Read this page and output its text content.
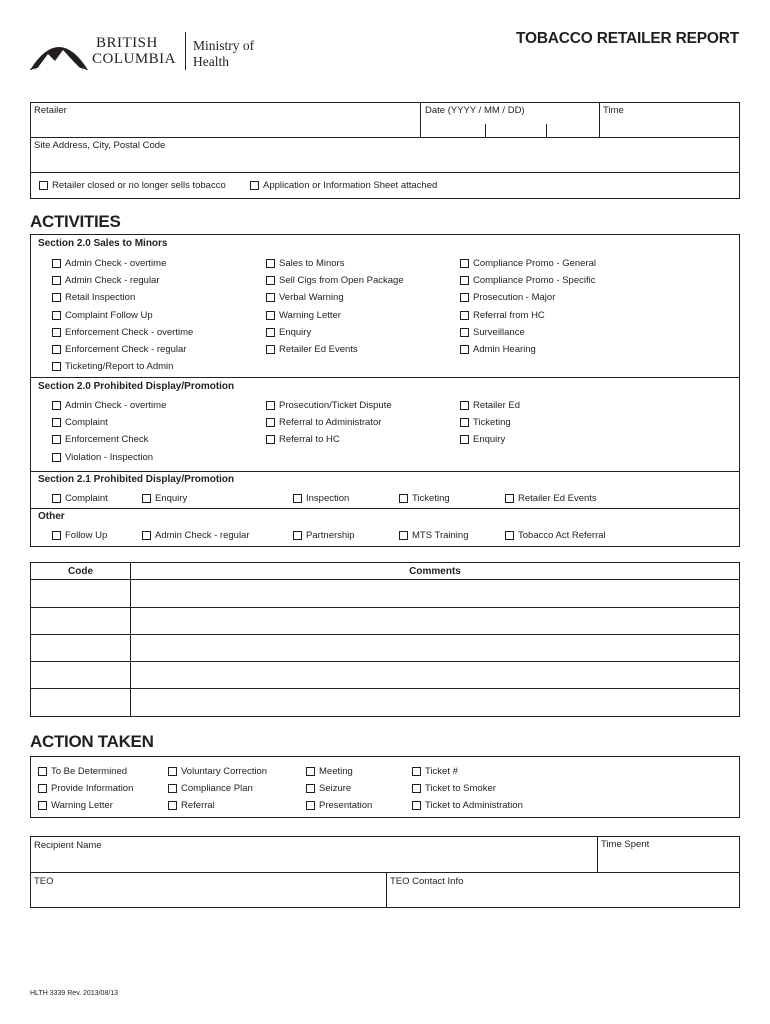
BRITISH
COLUMBIA
Ministry of
Health
TOBACCO RETAILER REPORT
Retailer	Date (YYYY / MM / DD)	Time
Site Address, City, Postal Code
Retailer closed or no longer sells tobacco	Application or Information Sheet attached
ACTIVITIES
Section 2.0 Sales to Minors
Section 2.0 Prohibited Display/Promotion
Section 2.1 Prohibited Display/Promotion
Other
Admin Check - overtime
Admin Check - regular
Retail Inspection
Complaint Follow Up
Enforcement Check - overtime
Enforcement Check - regular
Ticketing/Report to Admin
Sales to Minors
Sell Cigs from Open Package
Verbal Warning
Warning Letter
Enquiry
Retailer Ed Events
Compliance Promo - General
Compliance Promo - Specific
Prosecution - Major
Referral from HC
Surveillance
Admin Hearing
Admin Check - overtime
Complaint
Enforcement Check
Violation - Inspection
Prosecution/Ticket Dispute
Referral to Administrator
Referral to HC
Retailer Ed
Ticketing
Enquiry
Complaint	Enquiry	Inspection	Ticketing	Retailer Ed Events
Follow Up	Admin Check - regular	Partnership	MTS Training	Tobacco Act Referral
Code	Comments
ACTION TAKEN
To Be Determined
Provide Information
Warning Letter
Voluntary Correction
Compliance Plan
Referral
Meeting
Seizure
Presentation
Ticket #
Ticket to Smoker
Ticket to Administration
Recipient Name	Time Spent
TEO	TEO Contact Info
HLTH 3339 Rev. 2013/08/13
